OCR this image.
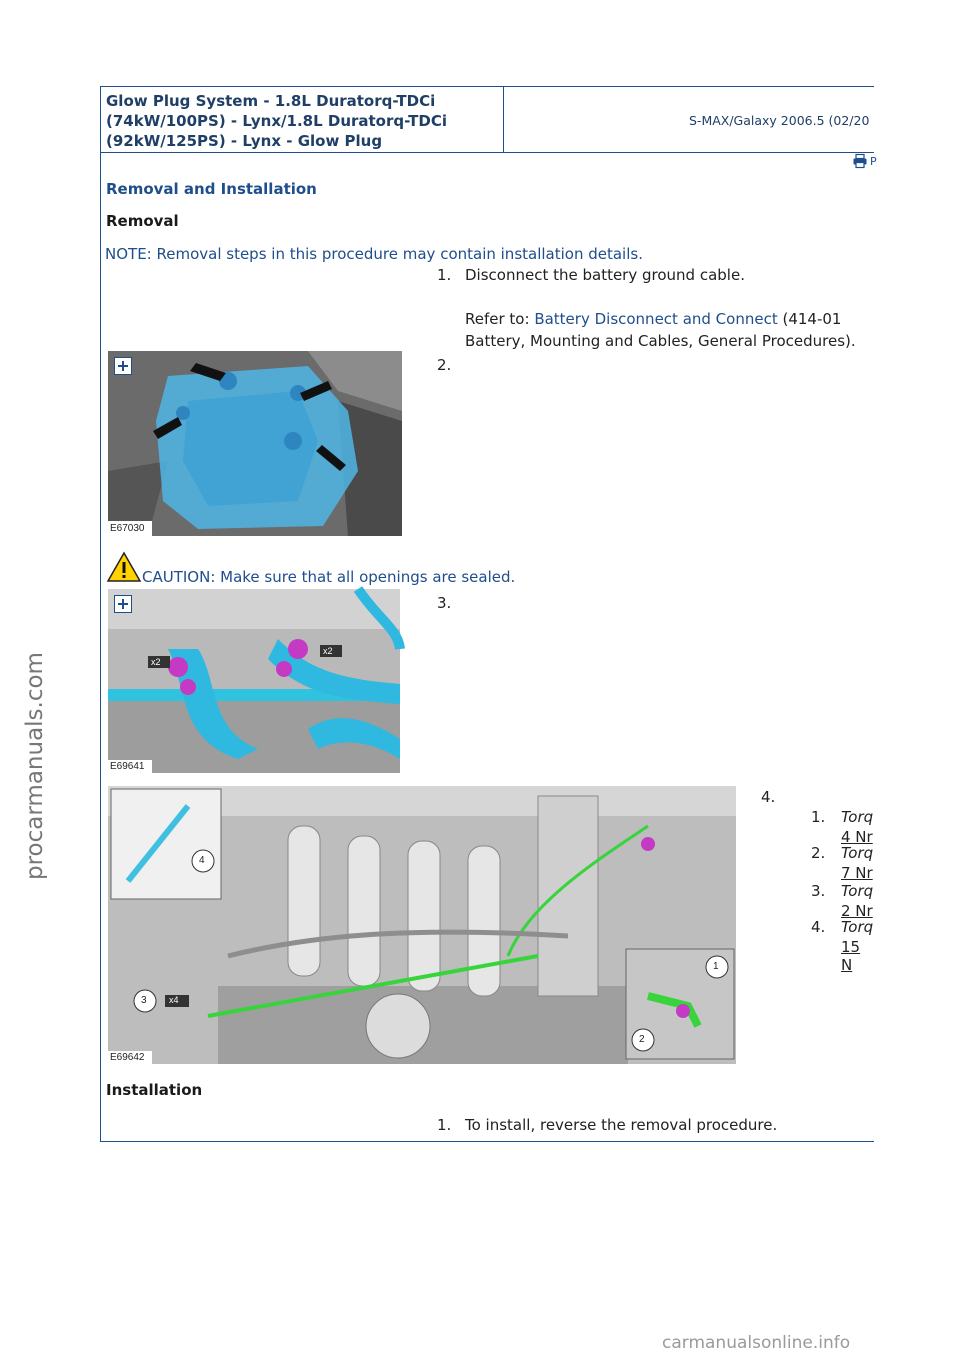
Glow Plug System - 1.8L Duratorq-TDCi
(74kW/100PS) - Lynx/1.8L Duratorq-TDCi
(92kW/125PS) - Lynx - Glow Plug
S-MAX/Galaxy 2006.5 (02/20
P
Removal and Installation
Removal
NOTE: Removal steps in this procedure may contain installation details.
1. Disconnect the battery ground cable.
Refer to: Battery Disconnect and Connect (414-01
Battery, Mounting and Cables, General Procedures).
E67030
2.
CAUTION: Make sure that all openings are sealed.
x2
x2
E69641
3.
4
3 x4
1
2
E69642
4.
1. Torq
4 Nr
2. Torq
7 Nr
3. Torq
2 Nr
4. Torq
15 N
Installation
1. To install, reverse the removal procedure.
procarmanuals.com
carmanualsonline.info
